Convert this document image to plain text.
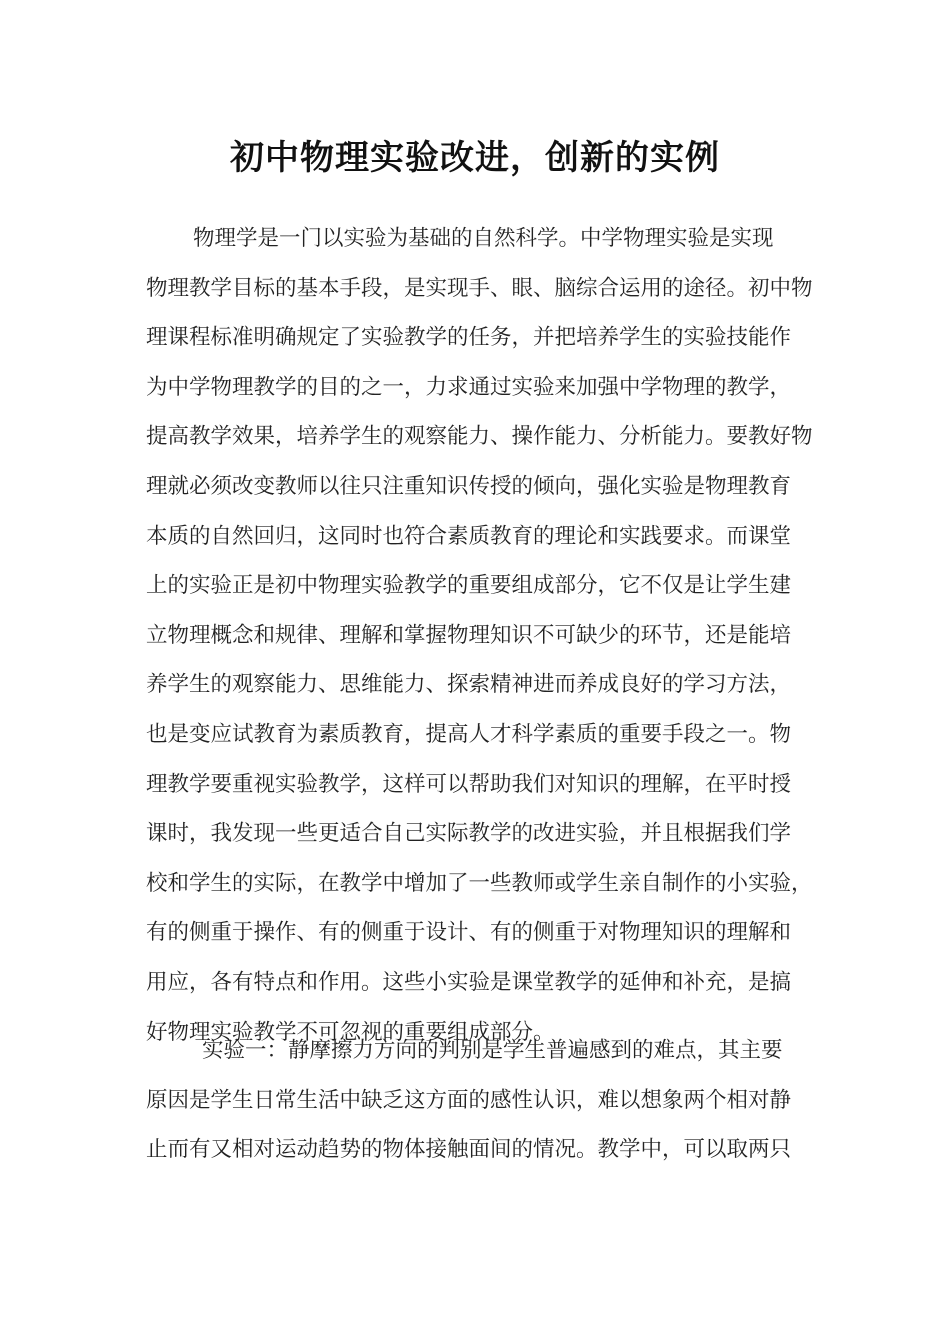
初中物理实验改进，创新的实例
物理学是一门以实验为基础的自然科学。中学物理实验是实现
物理教学目标的基本手段，是实现手、眼、脑综合运用的途径。初中物
理课程标准明确规定了实验教学的任务，并把培养学生的实验技能作
为中学物理教学的目的之一，力求通过实验来加强中学物理的教学，
提高教学效果，培养学生的观察能力、操作能力、分析能力。要教好物
理就必须改变教师以往只注重知识传授的倾向，强化实验是物理教育
本质的自然回归，这同时也符合素质教育的理论和实践要求。而课堂
上的实验正是初中物理实验教学的重要组成部分，它不仅是让学生建
立物理概念和规律、理解和掌握物理知识不可缺少的环节，还是能培
养学生的观察能力、思维能力、探索精神进而养成良好的学习方法，
也是变应试教育为素质教育，提高人才科学素质的重要手段之一。物
理教学要重视实验教学，这样可以帮助我们对知识的理解，在平时授
课时，我发现一些更适合自己实际教学的改进实验，并且根据我们学
校和学生的实际，在教学中增加了一些教师或学生亲自制作的小实验，
有的侧重于操作、有的侧重于设计、有的侧重于对物理知识的理解和
用应，各有特点和作用。这些小实验是课堂教学的延伸和补充，是搞
好物理实验教学不可忽视的重要组成部分。
实验一：静摩擦力方向的判别是学生普遍感到的难点，其主要
原因是学生日常生活中缺乏这方面的感性认识，难以想象两个相对静
止而有又相对运动趋势的物体接触面间的情况。教学中，可以取两只
